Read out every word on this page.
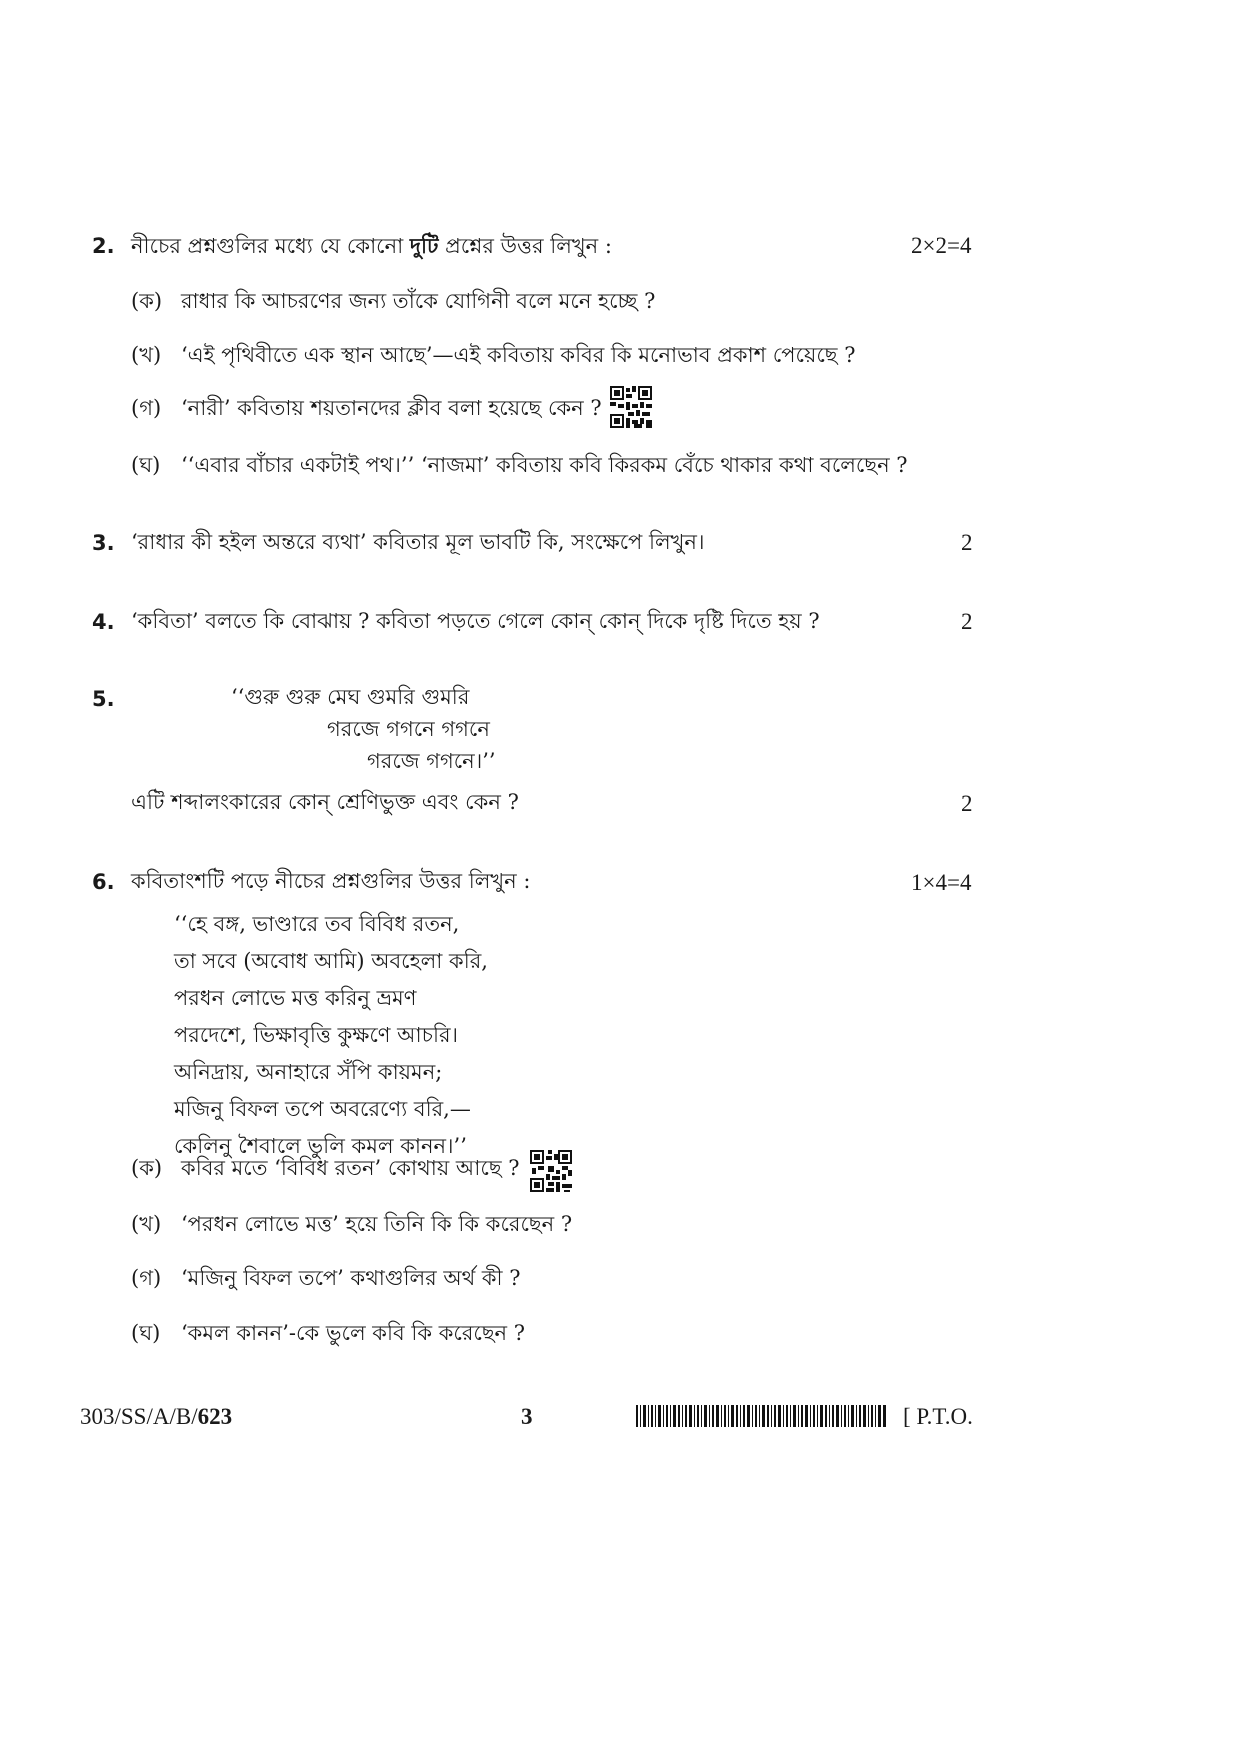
2. নীচের প্রশ্নগুলির মধ্যে যে কোনো দুটি প্রশ্নের উত্তর লিখুন :	2×2=4
(ক) রাধার কি আচরণের জন্য তাঁকে যোগিনী বলে মনে হচ্ছে ?
(খ) ‘এই পৃথিবীতে এক স্থান আছে’—এই কবিতায় কবির কি মনোভাব প্রকাশ পেয়েছে ?
(গ) ‘নারী’ কবিতায় শয়তানদের ক্লীব বলা হয়েছে কেন ?
(ঘ) ‘‘এবার বাঁচার একটাই পথ।’’ ‘নাজমা’ কবিতায় কবি কিরকম বেঁচে থাকার কথা বলেছেন ?
3. ‘রাধার কী হইল অন্তরে ব্যথা’ কবিতার মূল ভাবটি কি, সংক্ষেপে লিখুন।	2
4. ‘কবিতা’ বলতে কি বোঝায় ? কবিতা পড়তে গেলে কোন্ কোন্ দিকে দৃষ্টি দিতে হয় ?	2
5.	‘‘গুরু গুরু মেঘ গুমরি গুমরি
গরজে গগনে গগনে
গরজে গগনে।’’
এটি শব্দালংকারের কোন্ শ্রেণিভুক্ত এবং কেন ?	2
6. কবিতাংশটি পড়ে নীচের প্রশ্নগুলির উত্তর লিখুন :	1×4=4
‘‘হে বঙ্গ, ভাণ্ডারে তব বিবিধ রতন,
তা সবে (অবোধ আমি) অবহেলা করি,
পরধন লোভে মত্ত করিনু ভ্রমণ
পরদেশে, ভিক্ষাবৃত্তি কুক্ষণে আচরি।
অনিদ্রায়, অনাহারে সঁপি কায়মন;
মজিনু বিফল তপে অবরেণ্যে বরি,—
কেলিনু শৈবালে ভুলি কমল কানন।’’
(ক) কবির মতে ‘বিবিধ রতন’ কোথায় আছে ?
(খ) ‘পরধন লোভে মত্ত’ হয়ে তিনি কি কি করেছেন ?
(গ) ‘মজিনু বিফল তপে’ কথাগুলির অর্থ কী ?
(ঘ) ‘কমল কানন’-কে ভুলে কবি কি করেছেন ?
303/SS/A/B/623	3	[ P.T.O.
